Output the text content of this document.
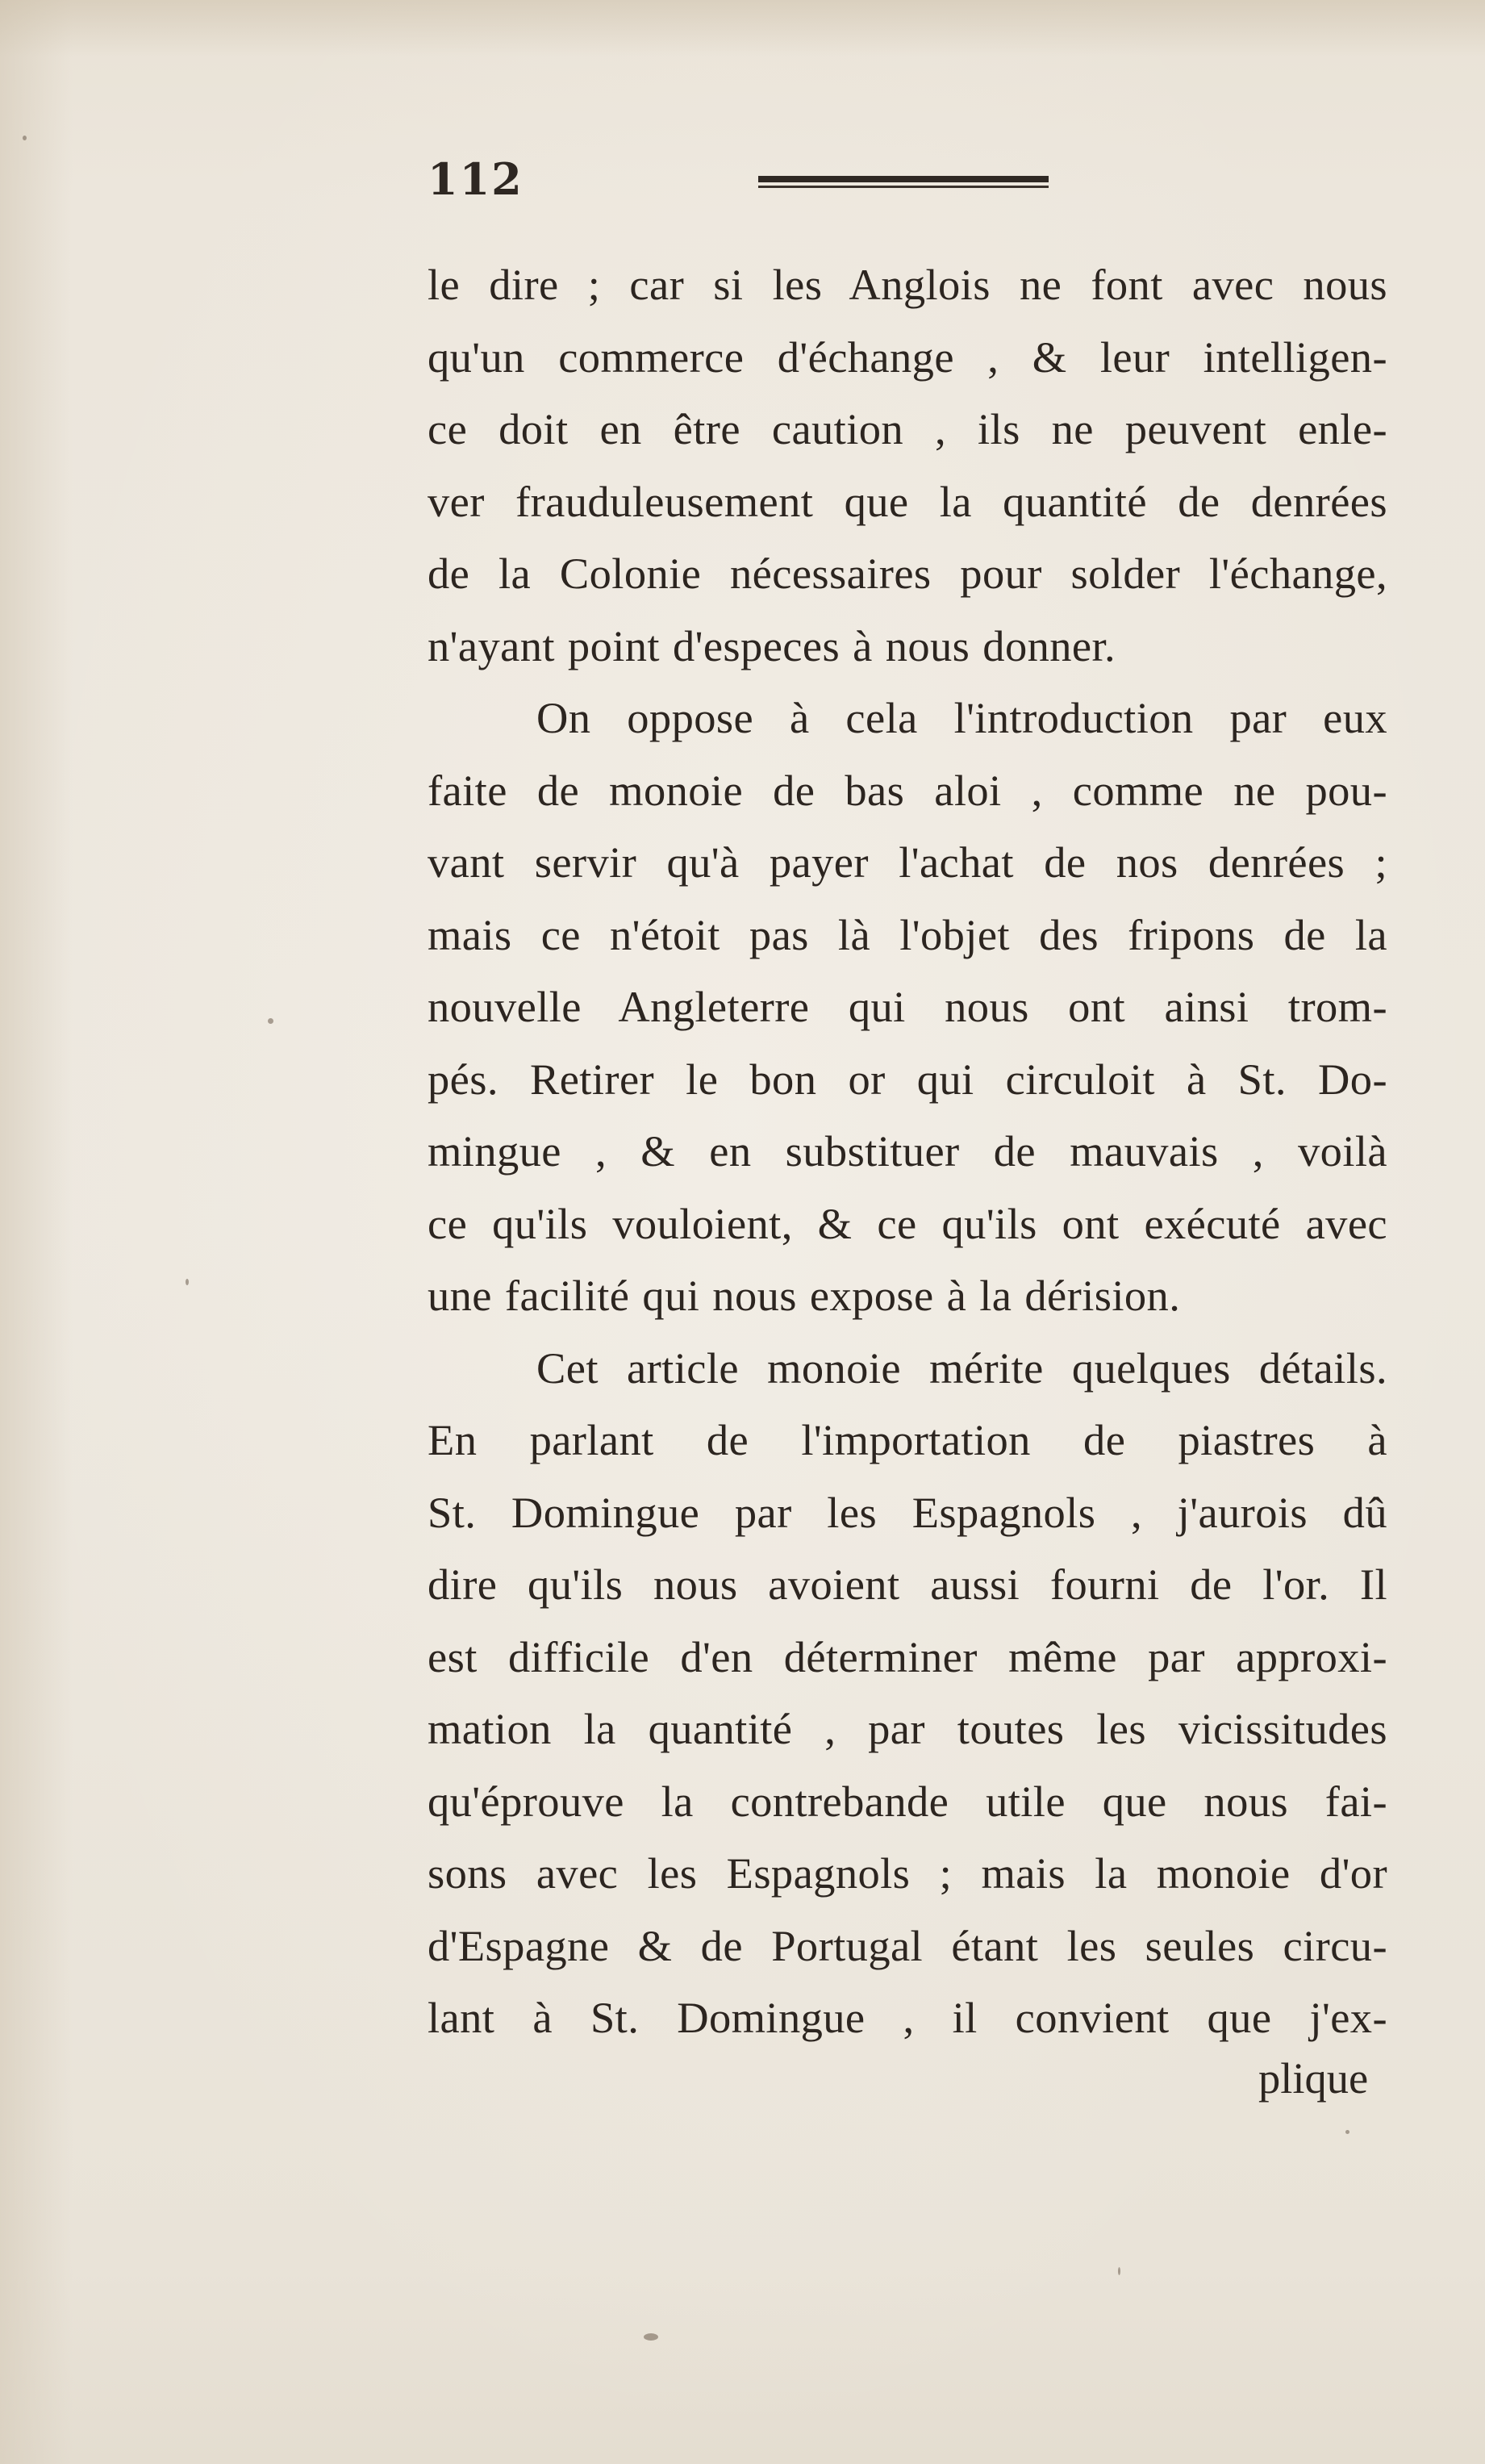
112
le dire ; car si les Anglois ne font avec nous
qu'un commerce d'échange , & leur intelligen-
ce doit en être caution , ils ne peuvent enle-
ver frauduleusement que la quantité de denrées
de la Colonie nécessaires pour solder l'échange,
n'ayant point d'especes à nous donner.
On oppose à cela l'introduction par eux
faite de monoie de bas aloi , comme ne pou-
vant servir qu'à payer l'achat de nos denrées ;
mais ce n'étoit pas là l'objet des fripons de la
nouvelle Angleterre qui nous ont ainsi trom-
pés. Retirer le bon or qui circuloit à St. Do-
mingue , & en substituer de mauvais , voilà
ce qu'ils vouloient, & ce qu'ils ont exécuté avec
une facilité qui nous expose à la dérision.
Cet article monoie mérite quelques détails.
En parlant de l'importation de piastres à
St. Domingue par les Espagnols , j'aurois dû
dire qu'ils nous avoient aussi fourni de l'or. Il
est difficile d'en déterminer même par approxi-
mation la quantité , par toutes les vicissitudes
qu'éprouve la contrebande utile que nous fai-
sons avec les Espagnols ; mais la monoie d'or
d'Espagne & de Portugal étant les seules circu-
lant à St. Domingue , il convient que j'ex-
plique
